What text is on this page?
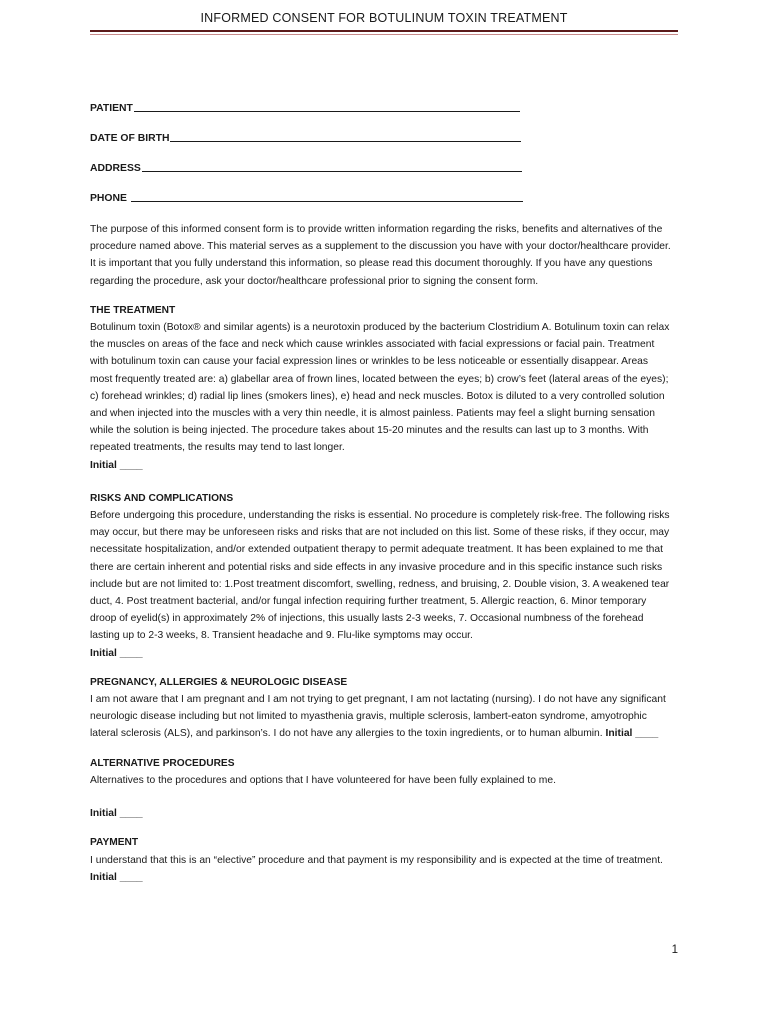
INFORMED CONSENT FOR BOTULINUM TOXIN TREATMENT
PATIENT
DATE OF BIRTH
ADDRESS
PHONE

The purpose of this informed consent form is to provide written information regarding the risks, benefits and alternatives of the procedure named above. This material serves as a supplement to the discussion you have with your doctor/healthcare provider. It is important that you fully understand this information, so please read this document thoroughly. If you have any questions regarding the procedure, ask your doctor/healthcare professional prior to signing the consent form.

THE TREATMENT

Botulinum toxin (Botox® and similar agents) is a neurotoxin produced by the bacterium Clostridium A. Botulinum toxin can relax the muscles on areas of the face and neck which cause wrinkles associated with facial expressions or facial pain. Treatment with botulinum toxin can cause your facial expression lines or wrinkles to be less noticeable or essentially disappear. Areas most frequently treated are: a) glabellar area of frown lines, located between the eyes; b) crow’s feet (lateral areas of the eyes); c) forehead wrinkles; d) radial lip lines (smokers lines), e) head and neck muscles. Botox is diluted to a very controlled solution and when injected into the muscles with a very thin needle, it is almost painless. Patients may feel a slight burning sensation while the solution is being injected. The procedure takes about 15-20 minutes and the results can last up to 3 months. With repeated treatments, the results may tend to last longer.

Initial ____
RISKS AND COMPLICATIONS

Before undergoing this procedure, understanding the risks is essential. No procedure is completely risk-free. The following risks may occur, but there may be unforeseen risks and risks that are not included on this list. Some of these risks, if they occur, may necessitate hospitalization, and/or extended outpatient therapy to permit adequate treatment. It has been explained to me that there are certain inherent and potential risks and side effects in any invasive procedure and in this specific instance such risks include but are not limited to: 1.Post treatment discomfort, swelling, redness, and bruising, 2. Double vision, 3. A weakened tear duct, 4. Post treatment bacterial, and/or fungal infection requiring further treatment, 5. Allergic reaction, 6. Minor temporary droop of eyelid(s) in approximately 2% of injections, this usually lasts 2-3 weeks, 7. Occasional numbness of the forehead lasting up to 2-3 weeks, 8. Transient headache and 9. Flu-like symptoms may occur.

Initial ____
PREGNANCY, ALLERGIES & NEUROLOGIC DISEASE

I am not aware that I am pregnant and I am not trying to get pregnant, I am not lactating (nursing). I do not have any significant neurologic disease including but not limited to myasthenia gravis, multiple sclerosis, lambert-eaton syndrome, amyotrophic lateral sclerosis (ALS), and parkinson’s. I do not have any allergies to the toxin ingredients, or to human albumin. Initial ____

ALTERNATIVE PROCEDURES

Alternatives to the procedures and options that I have volunteered for have been fully explained to me.

Initial ____
PAYMENT

I understand that this is an “elective” procedure and that payment is my responsibility and is expected at the time of treatment. Initial ____

1
